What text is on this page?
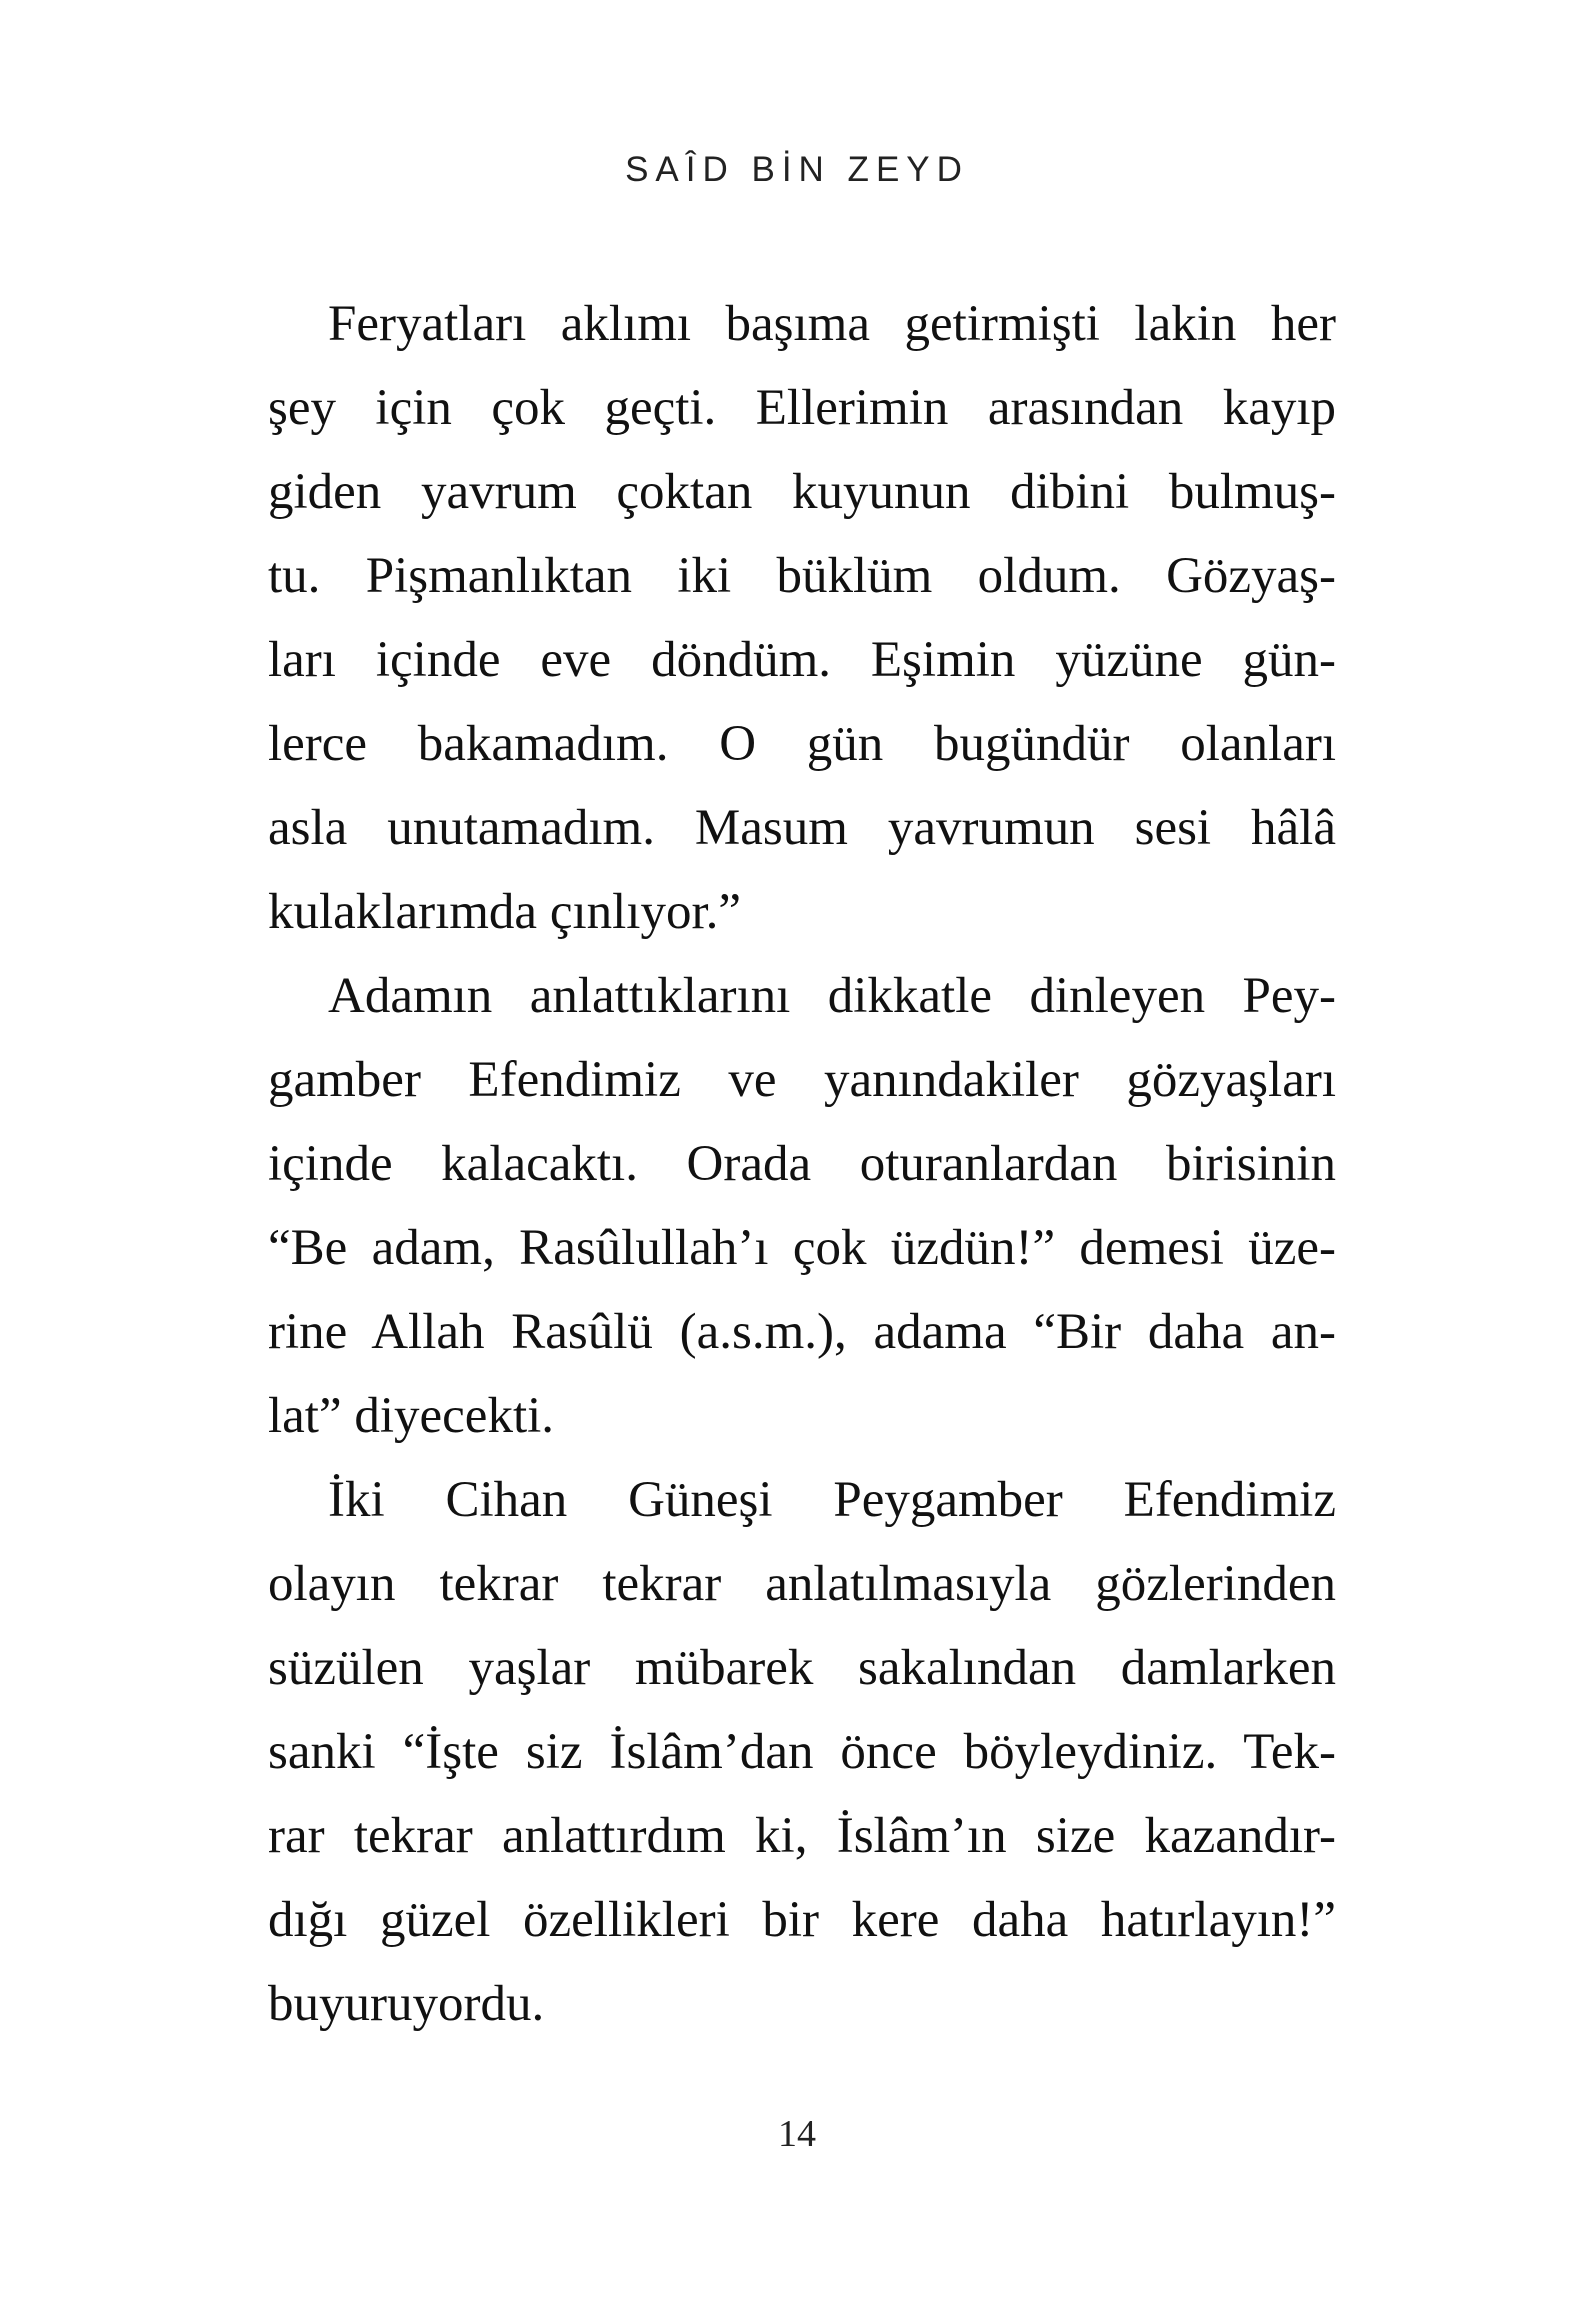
SAÎD BİN ZEYD
Feryatları aklımı başıma getirmişti lakin her
şey için çok geçti. Ellerimin arasından kayıp
giden yavrum çoktan kuyunun dibini bulmuş-
tu. Pişmanlıktan iki büklüm oldum. Gözyaş-
ları içinde eve döndüm. Eşimin yüzüne gün-
lerce bakamadım. O gün bugündür olanları
asla unutamadım. Masum yavrumun sesi hâlâ
kulaklarımda çınlıyor.”
Adamın anlattıklarını dikkatle dinleyen Pey-
gamber Efendimiz ve yanındakiler gözyaşları
içinde kalacaktı. Orada oturanlardan birisinin
“Be adam, Rasûlullah’ı çok üzdün!” demesi üze-
rine Allah Rasûlü (a.s.m.), adama “Bir daha an-
lat” diyecekti.
İki Cihan Güneşi Peygamber Efendimiz
olayın tekrar tekrar anlatılmasıyla gözlerinden
süzülen yaşlar mübarek sakalından damlarken
sanki “İşte siz İslâm’dan önce böyleydiniz. Tek-
rar tekrar anlattırdım ki, İslâm’ın size kazandır-
dığı güzel özellikleri bir kere daha hatırlayın!”
buyuruyordu.
14
